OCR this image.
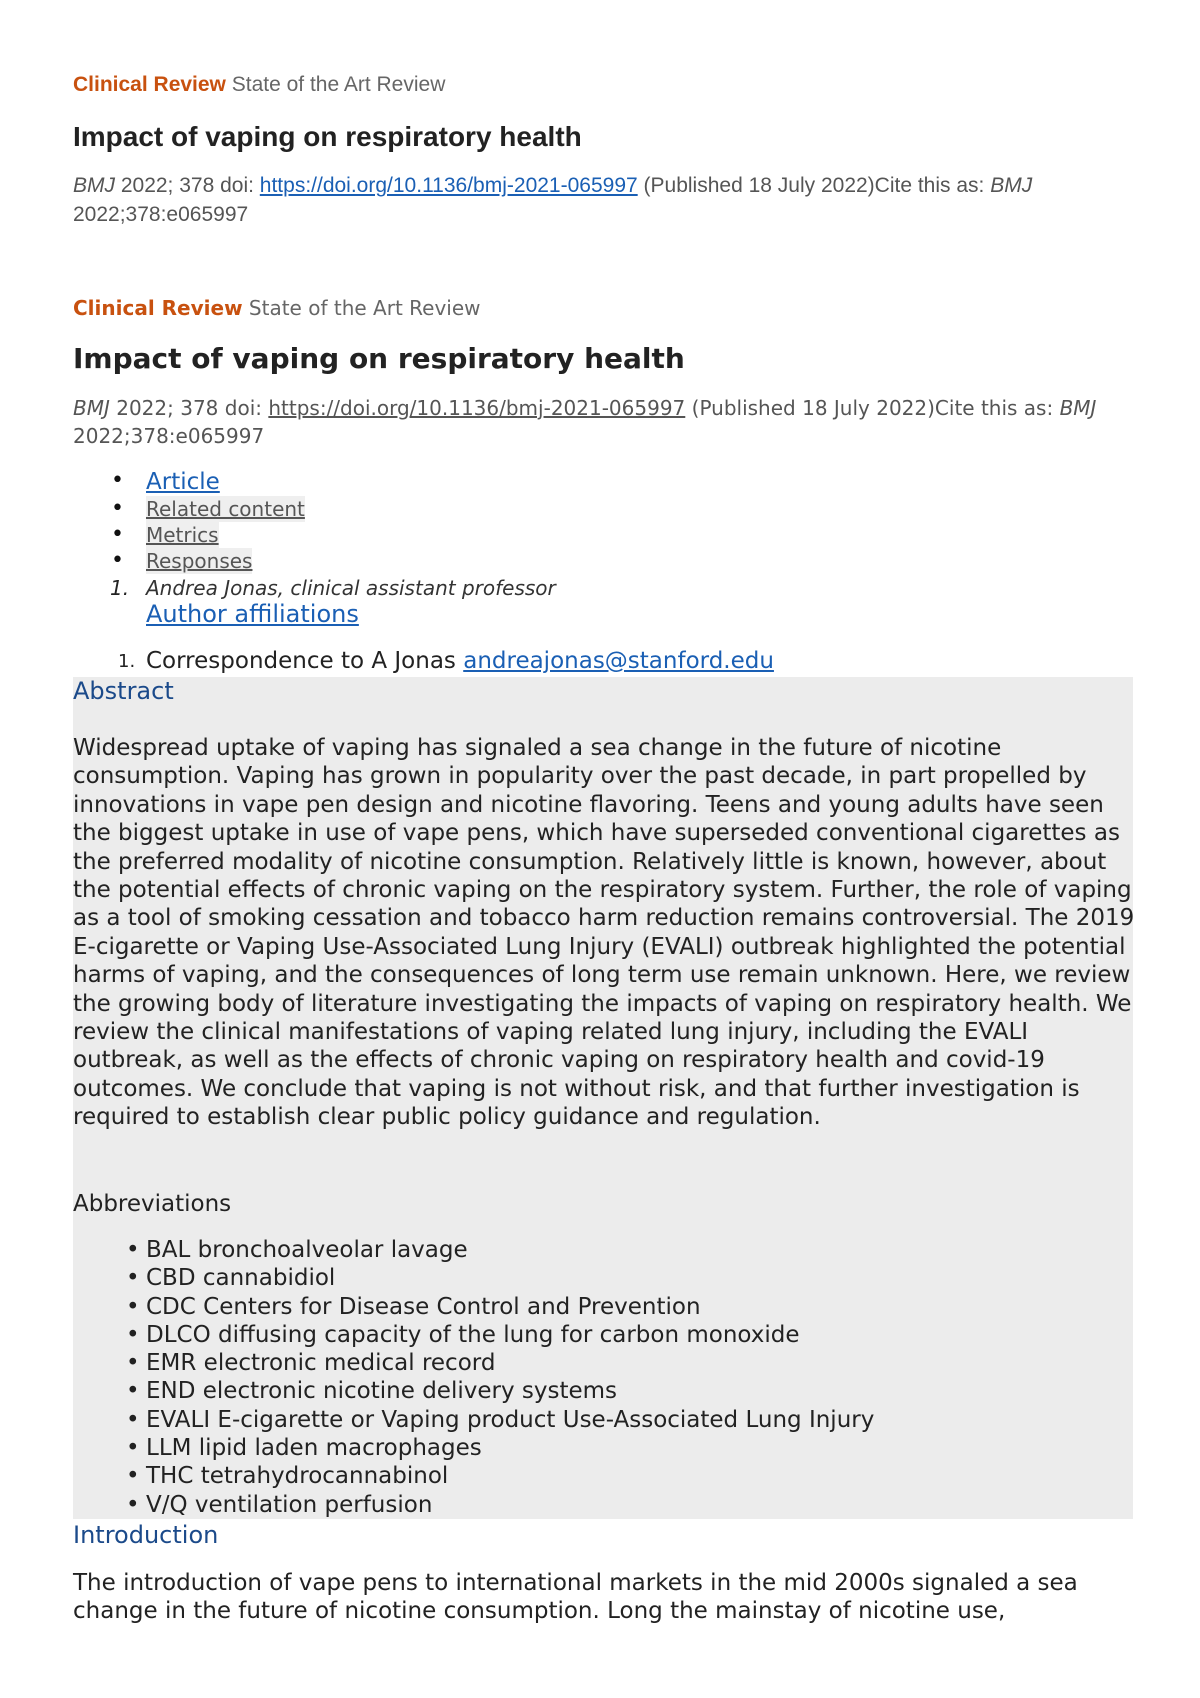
Clinical Review State of the Art Review
Impact of vaping on respiratory health
BMJ 2022; 378 doi: https://doi.org/10.1136/bmj-2021-065997 (Published 18 July 2022)Cite this as: BMJ 2022;378:e065997
Clinical Review State of the Art Review
Impact of vaping on respiratory health
BMJ 2022; 378 doi: https://doi.org/10.1136/bmj-2021-065997 (Published 18 July 2022)Cite this as: BMJ 2022;378:e065997
• Article
• Related content
• Metrics
• Responses
1. Andrea Jonas, clinical assistant professor
Author affiliations
1. Correspondence to A Jonas andreajonas@stanford.edu
Abstract
Widespread uptake of vaping has signaled a sea change in the future of nicotine consumption. Vaping has grown in popularity over the past decade, in part propelled by innovations in vape pen design and nicotine flavoring. Teens and young adults have seen the biggest uptake in use of vape pens, which have superseded conventional cigarettes as the preferred modality of nicotine consumption. Relatively little is known, however, about the potential effects of chronic vaping on the respiratory system. Further, the role of vaping as a tool of smoking cessation and tobacco harm reduction remains controversial. The 2019 E-cigarette or Vaping Use-Associated Lung Injury (EVALI) outbreak highlighted the potential harms of vaping, and the consequences of long term use remain unknown. Here, we review the growing body of literature investigating the impacts of vaping on respiratory health. We review the clinical manifestations of vaping related lung injury, including the EVALI outbreak, as well as the effects of chronic vaping on respiratory health and covid-19 outcomes. We conclude that vaping is not without risk, and that further investigation is required to establish clear public policy guidance and regulation.
Abbreviations
• BAL bronchoalveolar lavage
• CBD cannabidiol
• CDC Centers for Disease Control and Prevention
• DLCO diffusing capacity of the lung for carbon monoxide
• EMR electronic medical record
• END electronic nicotine delivery systems
• EVALI E-cigarette or Vaping product Use-Associated Lung Injury
• LLM lipid laden macrophages
• THC tetrahydrocannabinol
• V/Q ventilation perfusion
Introduction
The introduction of vape pens to international markets in the mid 2000s signaled a sea change in the future of nicotine consumption. Long the mainstay of nicotine use,
